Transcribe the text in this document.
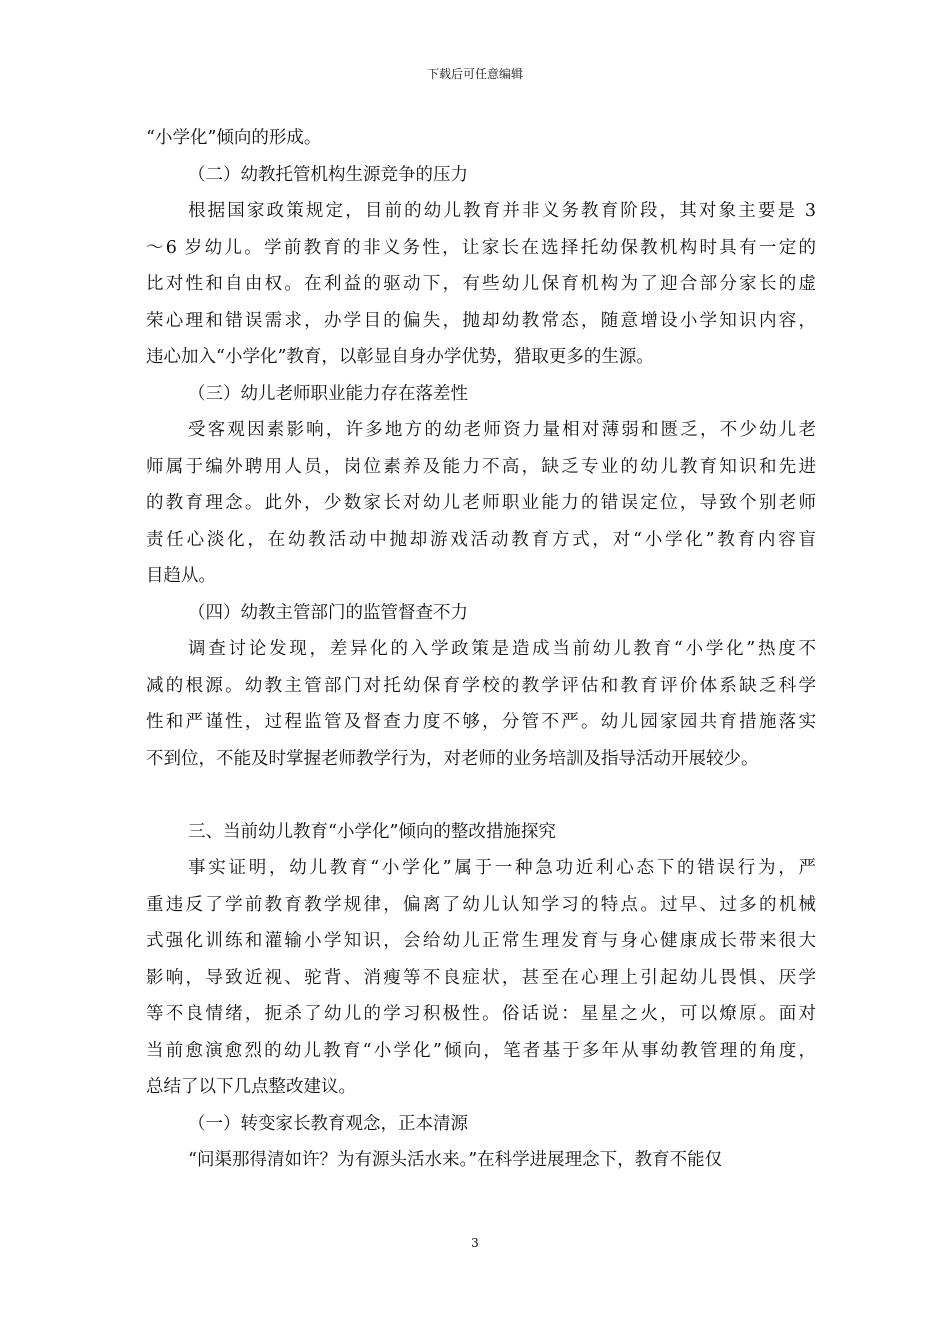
下载后可任意编辑
“小学化”倾向的形成。
（二）幼教托管机构生源竞争的压力
根据国家政策规定，目前的幼儿教育并非义务教育阶段，其对象主要是 3
～6 岁幼儿。学前教育的非义务性，让家长在选择托幼保教机构时具有一定的
比对性和自由权。在利益的驱动下，有些幼儿保育机构为了迎合部分家长的虚
荣心理和错误需求，办学目的偏失，抛却幼教常态，随意增设小学知识内容，
违心加入“小学化”教育，以彰显自身办学优势，猎取更多的生源。
（三）幼儿老师职业能力存在落差性
受客观因素影响，许多地方的幼老师资力量相对薄弱和匮乏，不少幼儿老
师属于编外聘用人员，岗位素养及能力不高，缺乏专业的幼儿教育知识和先进
的教育理念。此外，少数家长对幼儿老师职业能力的错误定位，导致个别老师
责任心淡化，在幼教活动中抛却游戏活动教育方式，对“小学化”教育内容盲
目趋从。
（四）幼教主管部门的监管督查不力
调查讨论发现，差异化的入学政策是造成当前幼儿教育“小学化”热度不
减的根源。幼教主管部门对托幼保育学校的教学评估和教育评价体系缺乏科学
性和严谨性，过程监管及督查力度不够，分管不严。幼儿园家园共育措施落实
不到位，不能及时掌握老师教学行为，对老师的业务培訓及指导活动开展较少。
三、当前幼儿教育“小学化”倾向的整改措施探究
事实证明，幼儿教育“小学化”属于一种急功近利心态下的错误行为，严
重违反了学前教育教学规律，偏离了幼儿认知学习的特点。过早、过多的机械
式强化训练和灌输小学知识，会给幼儿正常生理发育与身心健康成长带来很大
影响，导致近视、驼背、消瘦等不良症状，甚至在心理上引起幼儿畏惧、厌学
等不良情绪，扼杀了幼儿的学习积极性。俗话说：星星之火，可以燎原。面对
当前愈演愈烈的幼儿教育“小学化”倾向，笔者基于多年从事幼教管理的角度，
总结了以下几点整改建议。
（一）转变家长教育观念，正本清源
“问渠那得清如许？为有源头活水来。”在科学进展理念下，教育不能仅
3
